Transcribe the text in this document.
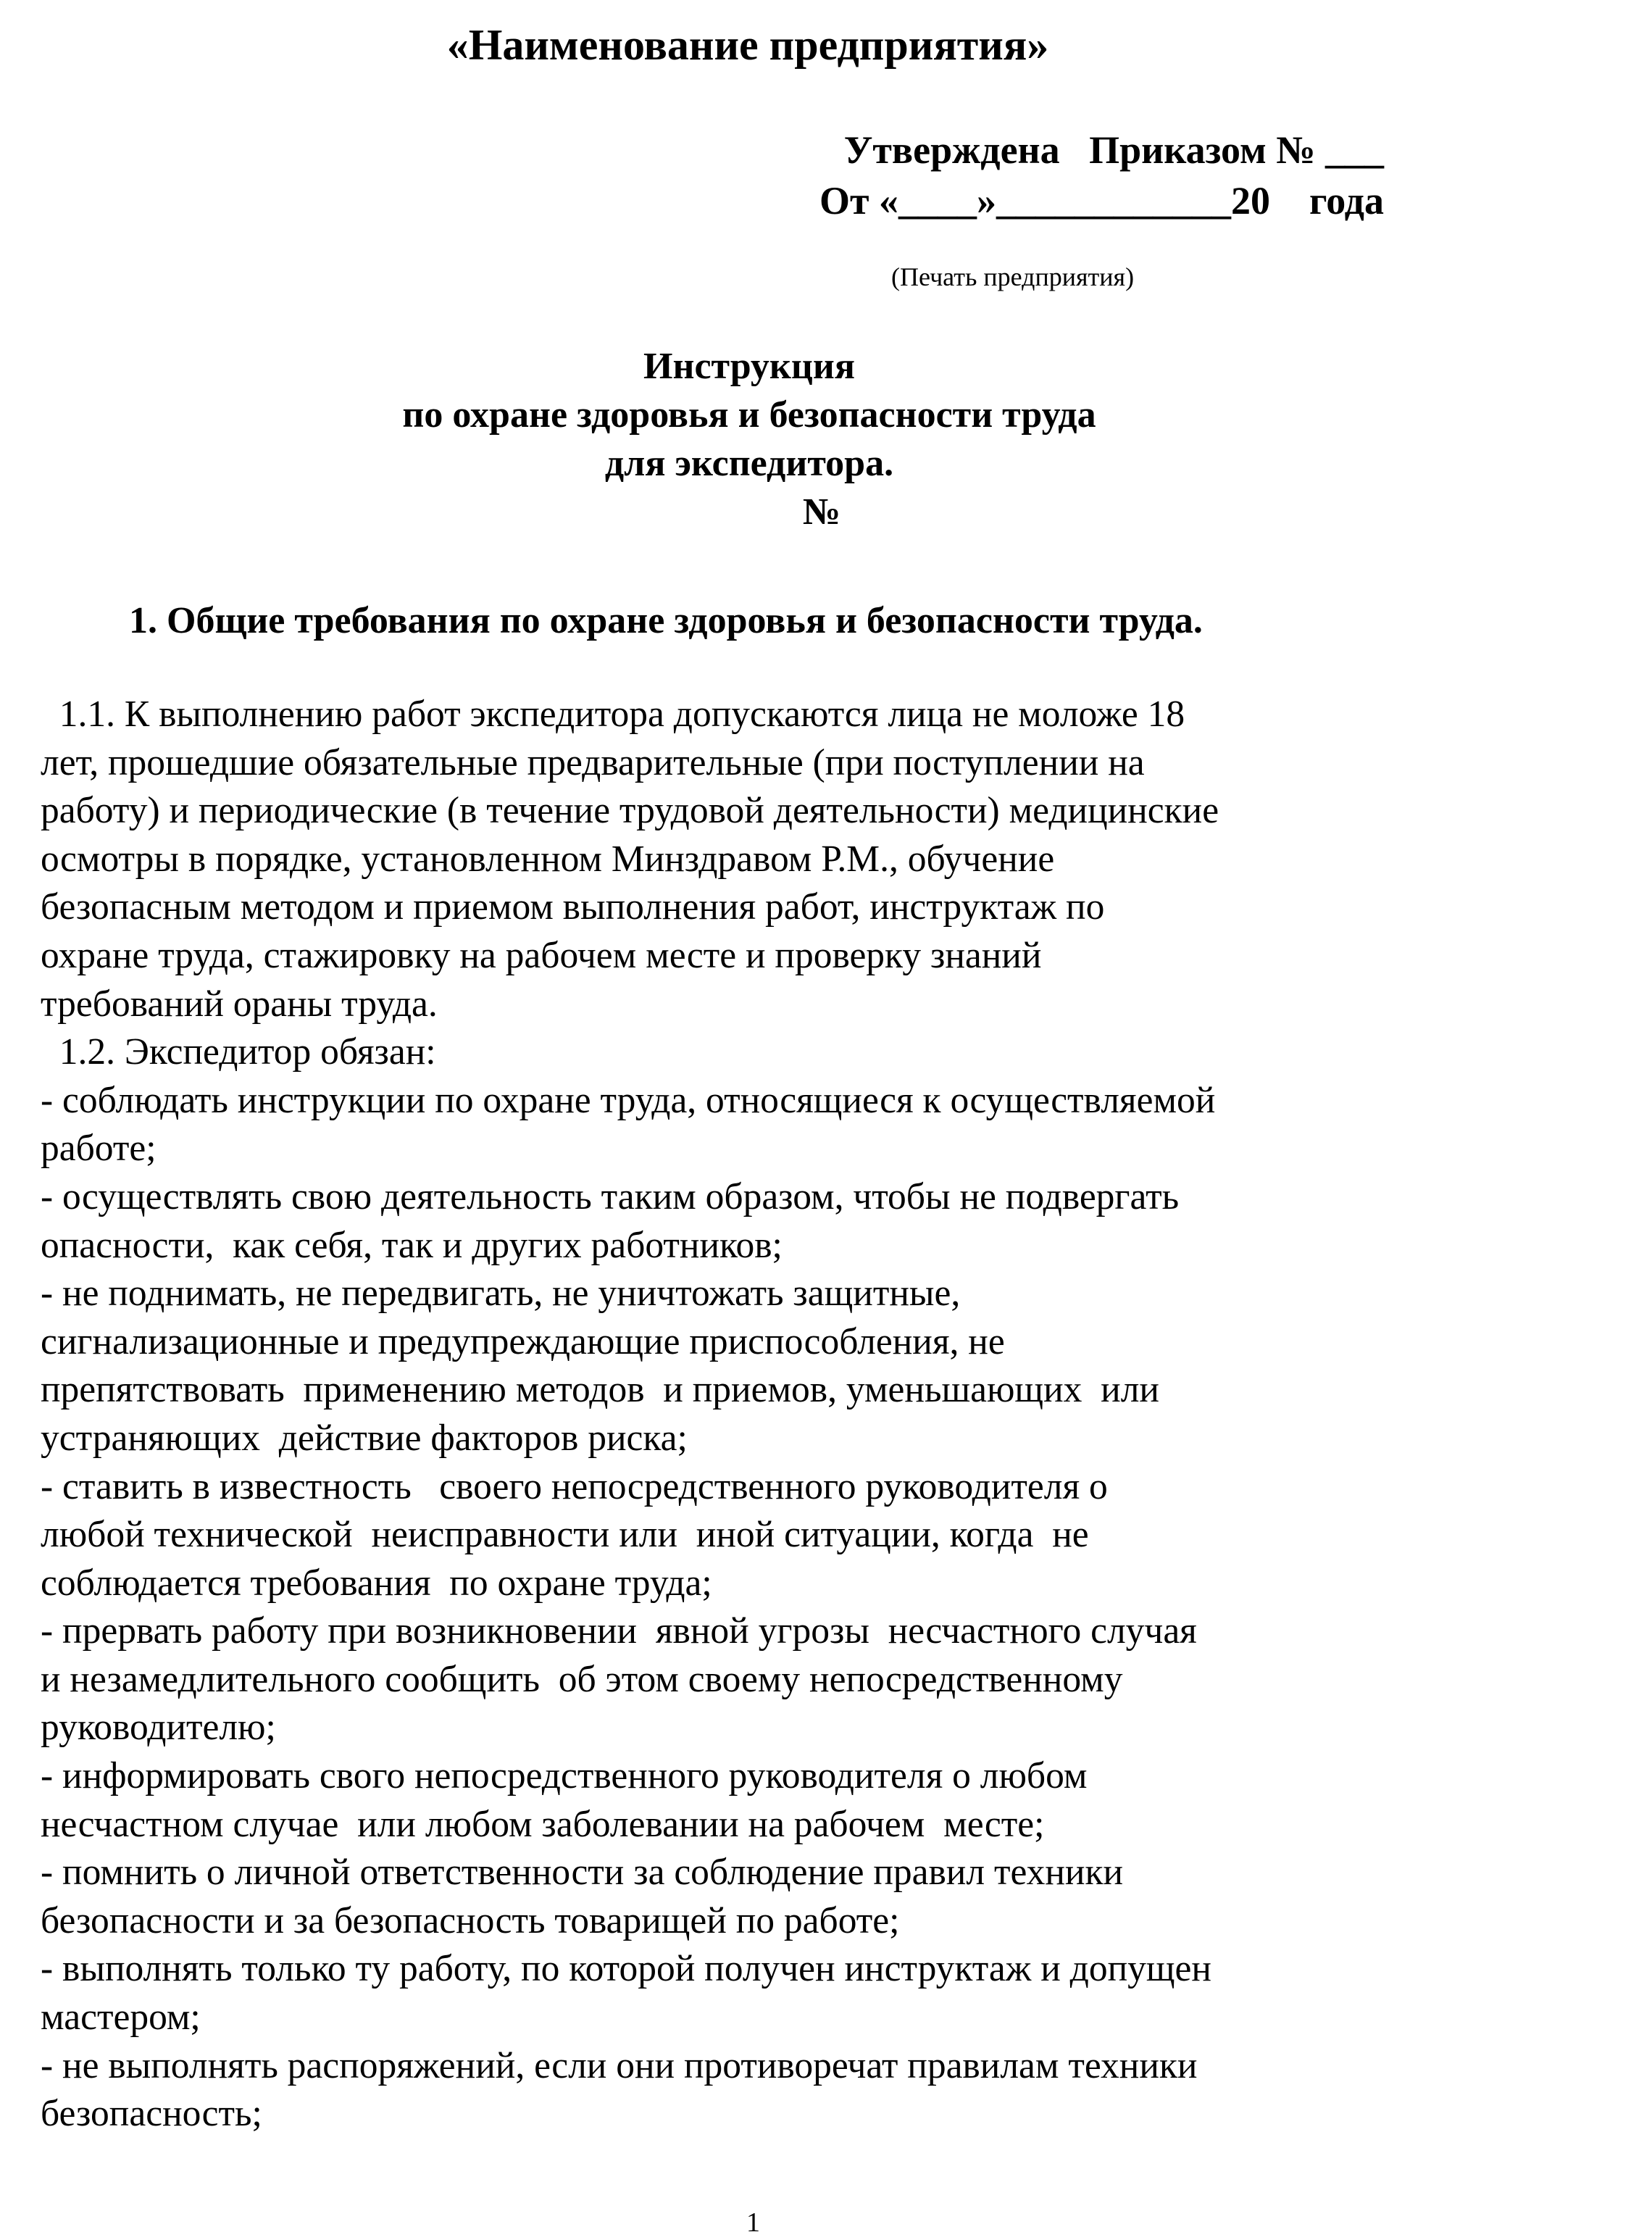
«Наименование предприятия»
Утверждена   Приказом № ___
От «____»____________20    года
(Печать предприятия)
Инструкция
по охране здоровья и безопасности труда
для экспедитора.
№
1. Общие требования по охране здоровья и безопасности труда.
1.1. К выполнению работ экспедитора допускаются лица не моложе 18
лет, прошедшие обязательные предварительные (при поступлении на
работу) и периодические (в течение трудовой деятельности) медицинские
осмотры в порядке, установленном Минздравом Р.М., обучение
безопасным методом и приемом выполнения работ, инструктаж по
охране труда, стажировку на рабочем месте и проверку знаний
требований ораны труда.
1.2. Экспедитор обязан:
- соблюдать инструкции по охране труда, относящиеся к осуществляемой
работе;
- осуществлять свою деятельность таким образом, чтобы не подвергать
опасности,  как себя, так и других работников;
- не поднимать, не передвигать, не уничтожать защитные,
сигнализационные и предупреждающие приспособления, не
препятствовать  применению методов  и приемов, уменьшающих  или
устраняющих  действие факторов риска;
- ставить в известность   своего непосредственного руководителя о
любой технической  неисправности или  иной ситуации, когда  не
соблюдается требования  по охране труда;
- прервать работу при возникновении  явной угрозы  несчастного случая
и незамедлительного сообщить  об этом своему непосредственному
руководителю;
- информировать свого непосредственного руководителя о любом
несчастном случае  или любом заболевании на рабочем  месте;
- помнить о личной ответственности за соблюдение правил техники
безопасности и за безопасность товарищей по работе;
- выполнять только ту работу, по которой получен инструктаж и допущен
мастером;
- не выполнять распоряжений, если они противоречат правилам техники
безопасность;
1
